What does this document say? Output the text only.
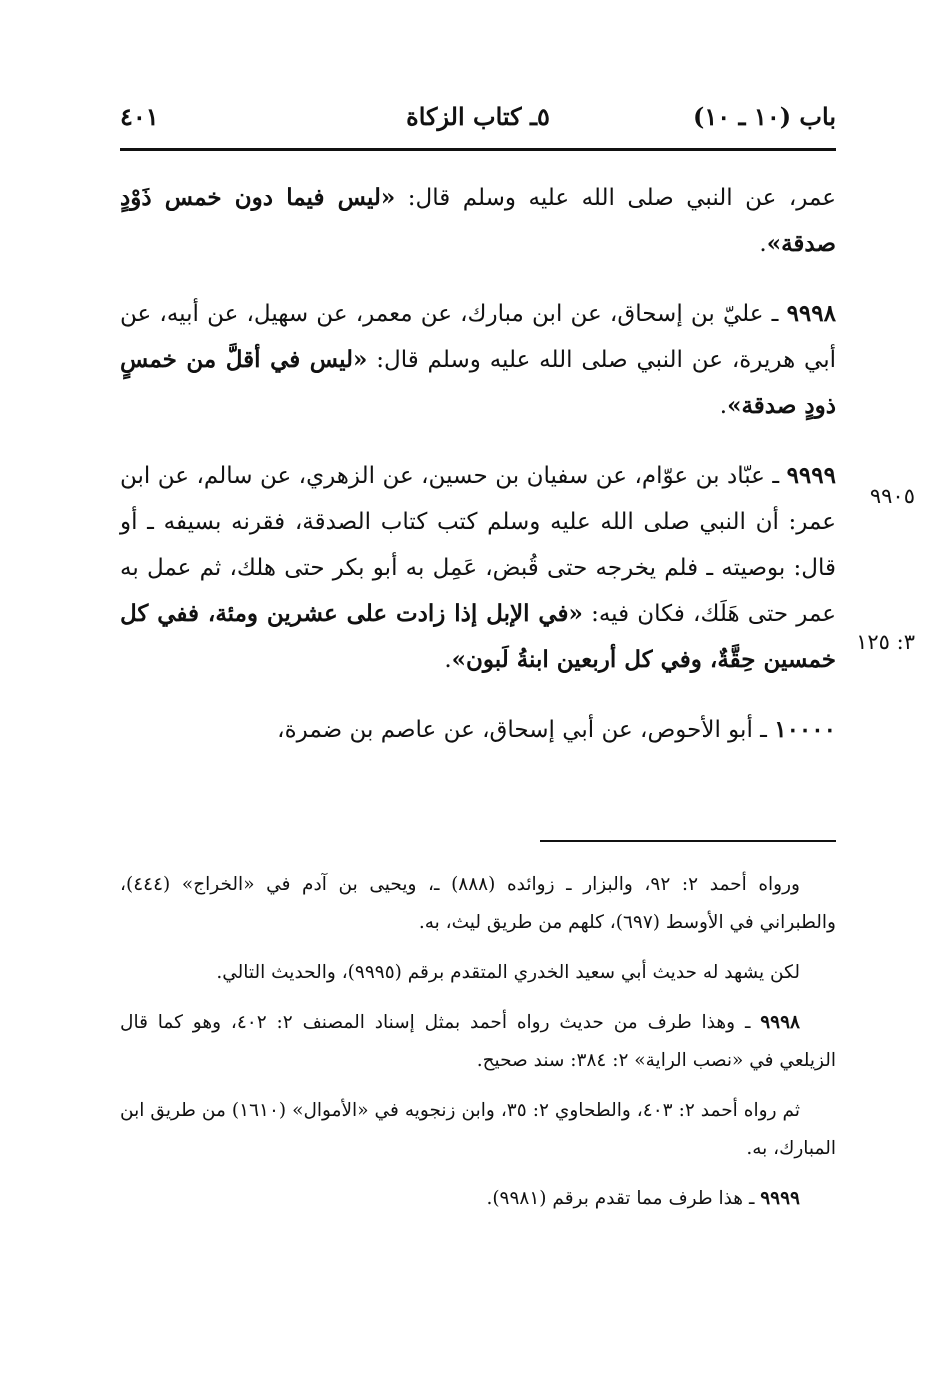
باب (١٠ ـ ١٠)
٥ـ كتاب الزكاة
٤٠١

عمر، عن النبي صلى الله عليه وسلم قال: «ليس فيما دون خمس ذَوْدٍ صدقة».

٩٩٩٨ ـ عليّ بن إسحاق، عن ابن مبارك، عن معمر، عن سهيل، عن أبيه، عن أبي هريرة، عن النبي صلى الله عليه وسلم قال: «ليس في أقلَّ من خمسٍ ذودٍ صدقة».

٩٩٩٩ ـ عبّاد بن عوّام، عن سفيان بن حسين، عن الزهري، عن سالم، عن ابن عمر: أن النبي صلى الله عليه وسلم كتب كتاب الصدقة، فقرنه بسيفه ـ أو قال: بوصيته ـ فلم يخرجه حتى قُبض، عَمِل به أبو بكر حتى هلك، ثم عمل به عمر حتى هَلَك، فكان فيه: «في الإبل إذا زادت على عشرين ومئة، ففي كل خمسين حِقَّةٌ، وفي كل أربعين ابنةُ لَبون».

١٠٠٠٠ ـ أبو الأحوص، عن أبي إسحاق، عن عاصم بن ضمرة،

٩٩٠٥
٣: ١٢٥

ورواه أحمد ٢: ٩٢، والبزار ـ زوائده (٨٨٨) ـ، ويحيى بن آدم في «الخراج» (٤٤٤)، والطبراني في الأوسط (٦٩٧)، كلهم من طريق ليث، به.

لكن يشهد له حديث أبي سعيد الخدري المتقدم برقم (٩٩٩٥)، والحديث التالي.

٩٩٩٨ ـ وهذا طرف من حديث رواه أحمد بمثل إسناد المصنف ٢: ٤٠٢، وهو كما قال الزيلعي في «نصب الراية» ٢: ٣٨٤: سند صحيح.

ثم رواه أحمد ٢: ٤٠٣، والطحاوي ٢: ٣٥، وابن زنجويه في «الأموال» (١٦١٠) من طريق ابن المبارك، به.

٩٩٩٩ ـ هذا طرف مما تقدم برقم (٩٩٨١).
